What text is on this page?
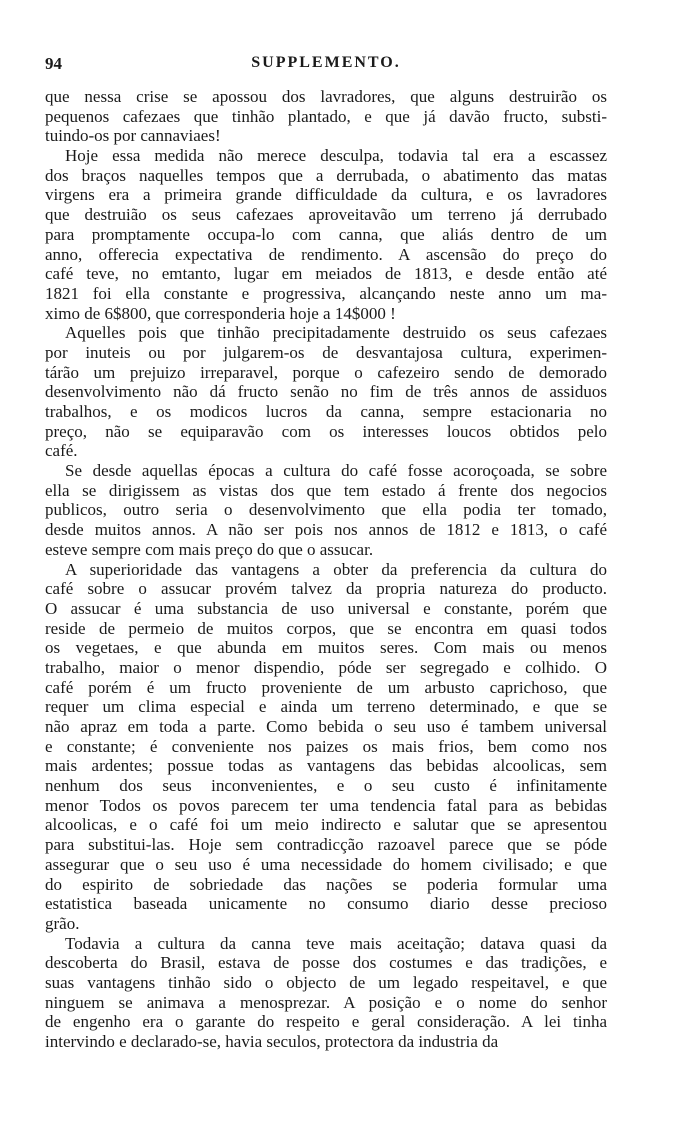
94	SUPPLEMENTO.
que nessa crise se apossou dos lavradores, que alguns destruirão os
pequenos cafezaes que tinhão plantado, e que já davão fructo, substi-
tuindo-os por cannaviaes!
Hoje essa medida não merece desculpa, todavia tal era a escassez
dos braços naquelles tempos que a derrubada, o abatimento das matas
virgens era a primeira grande difficuldade da cultura, e os lavradores
que destruião os seus cafezaes aproveitavão um terreno já derrubado
para promptamente occupa-lo com canna, que aliás dentro de um
anno, offerecia expectativa de rendimento. A ascensão do preço do
café teve, no emtanto, lugar em meiados de 1813, e desde então até
1821 foi ella constante e progressiva, alcançando neste anno um ma-
ximo de 6$800, que corresponderia hoje a 14$000 !
Aquelles pois que tinhão precipitadamente destruido os seus cafezaes
por inuteis ou por julgarem-os de desvantajosa cultura, experimen-
tárão um prejuizo irreparavel, porque o cafezeiro sendo de demorado
desenvolvimento não dá fructo senão no fim de três annos de assiduos
trabalhos, e os modicos lucros da canna, sempre estacionaria no
preço, não se equiparavão com os interesses loucos obtidos pelo
café.
Se desde aquellas épocas a cultura do café fosse acoroçoada, se sobre
ella se dirigissem as vistas dos que tem estado á frente dos negocios
publicos, outro seria o desenvolvimento que ella podia ter tomado,
desde muitos annos. A não ser pois nos annos de 1812 e 1813, o café
esteve sempre com mais preço do que o assucar.
A superioridade das vantagens a obter da preferencia da cultura do
café sobre o assucar provém talvez da propria natureza do producto.
O assucar é uma substancia de uso universal e constante, porém que
reside de permeio de muitos corpos, que se encontra em quasi todos
os vegetaes, e que abunda em muitos seres. Com mais ou menos
trabalho, maior o menor dispendio, póde ser segregado e colhido. O
café porém é um fructo proveniente de um arbusto caprichoso, que
requer um clima especial e ainda um terreno determinado, e que se
não apraz em toda a parte. Como bebida o seu uso é tambem universal
e constante; é conveniente nos paizes os mais frios, bem como nos
mais ardentes; possue todas as vantagens das bebidas alcoolicas, sem
nenhum dos seus inconvenientes, e o seu custo é infinitamente
menor Todos os povos parecem ter uma tendencia fatal para as bebidas
alcoolicas, e o café foi um meio indirecto e salutar que se apresentou
para substitui-las. Hoje sem contradicção razoavel parece que se póde
assegurar que o seu uso é uma necessidade do homem civilisado; e que
do espirito de sobriedade das nações se poderia formular uma
estatistica baseada unicamente no consumo diario desse precioso
grão.
Todavia a cultura da canna teve mais aceitação; datava quasi da
descoberta do Brasil, estava de posse dos costumes e das tradições, e
suas vantagens tinhão sido o objecto de um legado respeitavel, e que
ninguem se animava a menosprezar. A posição e o nome do senhor
de engenho era o garante do respeito e geral consideração. A lei tinha
intervindo e declarado-se, havia seculos, protectora da industria da
